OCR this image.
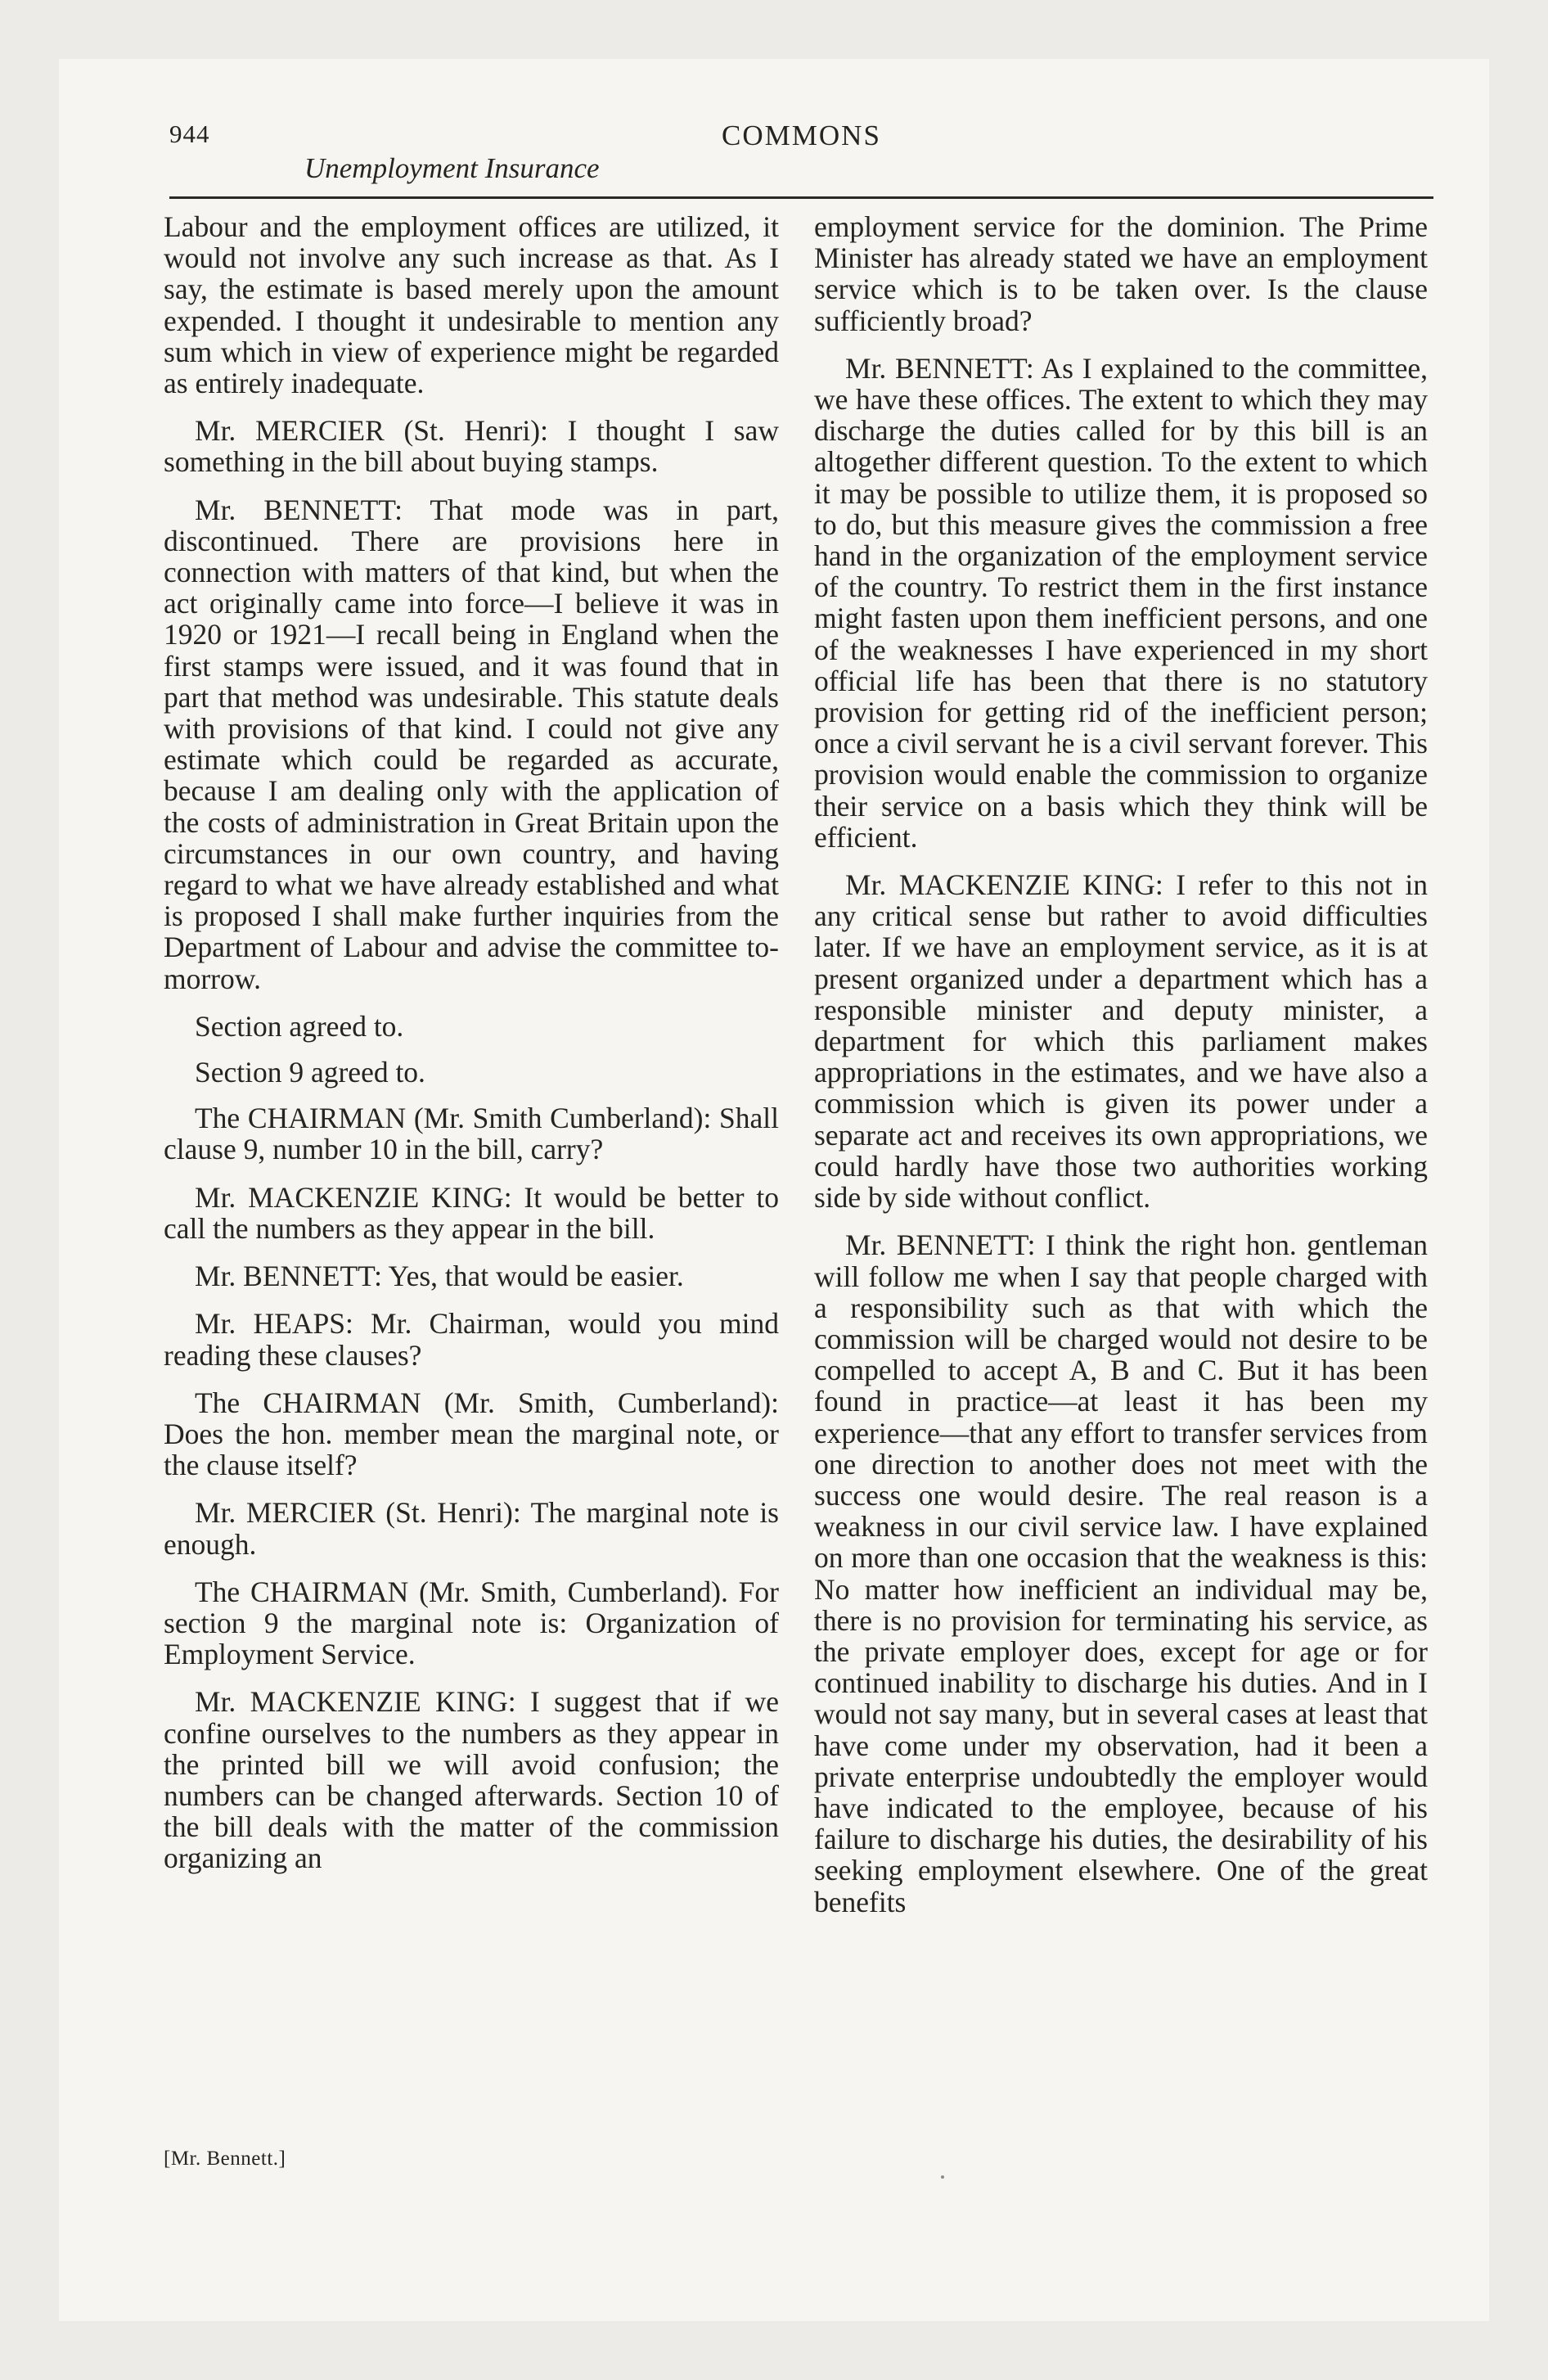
944	COMMONS
Unemployment Insurance

Labour and the employment offices are utilized, it would not involve any such increase as that. As I say, the estimate is based merely upon the amount expended. I thought it undesirable to mention any sum which in view of experience might be regarded as entirely inadequate.

Mr. MERCIER (St. Henri): I thought I saw something in the bill about buying stamps.

Mr. BENNETT: That mode was in part, discontinued. There are provisions here in connection with matters of that kind, but when the act originally came into force—I believe it was in 1920 or 1921—I recall being in England when the first stamps were issued, and it was found that in part that method was undesirable. This statute deals with provisions of that kind. I could not give any estimate which could be regarded as accurate, because I am dealing only with the application of the costs of administration in Great Britain upon the circumstances in our own country, and having regard to what we have already established and what is proposed I shall make further inquiries from the Department of Labour and advise the committee to-morrow.

Section agreed to.

Section 9 agreed to.

The CHAIRMAN (Mr. Smith Cumberland): Shall clause 9, number 10 in the bill, carry?

Mr. MACKENZIE KING: It would be better to call the numbers as they appear in the bill.

Mr. BENNETT: Yes, that would be easier.

Mr. HEAPS: Mr. Chairman, would you mind reading these clauses?

The CHAIRMAN (Mr. Smith, Cumberland): Does the hon. member mean the marginal note, or the clause itself?

Mr. MERCIER (St. Henri): The marginal note is enough.

The CHAIRMAN (Mr. Smith, Cumberland). For section 9 the marginal note is: Organization of Employment Service.

Mr. MACKENZIE KING: I suggest that if we confine ourselves to the numbers as they appear in the printed bill we will avoid confusion; the numbers can be changed afterwards. Section 10 of the bill deals with the matter of the commission organizing an

employment service for the dominion. The Prime Minister has already stated we have an employment service which is to be taken over. Is the clause sufficiently broad?

Mr. BENNETT: As I explained to the committee, we have these offices. The extent to which they may discharge the duties called for by this bill is an altogether different question. To the extent to which it may be possible to utilize them, it is proposed so to do, but this measure gives the commission a free hand in the organization of the employment service of the country. To restrict them in the first instance might fasten upon them inefficient persons, and one of the weaknesses I have experienced in my short official life has been that there is no statutory provision for getting rid of the inefficient person; once a civil servant he is a civil servant forever. This provision would enable the commission to organize their service on a basis which they think will be efficient.

Mr. MACKENZIE KING: I refer to this not in any critical sense but rather to avoid difficulties later. If we have an employment service, as it is at present organized under a department which has a responsible minister and deputy minister, a department for which this parliament makes appropriations in the estimates, and we have also a commission which is given its power under a separate act and receives its own appropriations, we could hardly have those two authorities working side by side without conflict.

Mr. BENNETT: I think the right hon. gentleman will follow me when I say that people charged with a responsibility such as that with which the commission will be charged would not desire to be compelled to accept A, B and C. But it has been found in practice—at least it has been my experience—that any effort to transfer services from one direction to another does not meet with the success one would desire. The real reason is a weakness in our civil service law. I have explained on more than one occasion that the weakness is this: No matter how inefficient an individual may be, there is no provision for terminating his service, as the private employer does, except for age or for continued inability to discharge his duties. And in I would not say many, but in several cases at least that have come under my observation, had it been a private enterprise undoubtedly the employer would have indicated to the employee, because of his failure to discharge his duties, the desirability of his seeking employment elsewhere. One of the great benefits

[Mr. Bennett.]
